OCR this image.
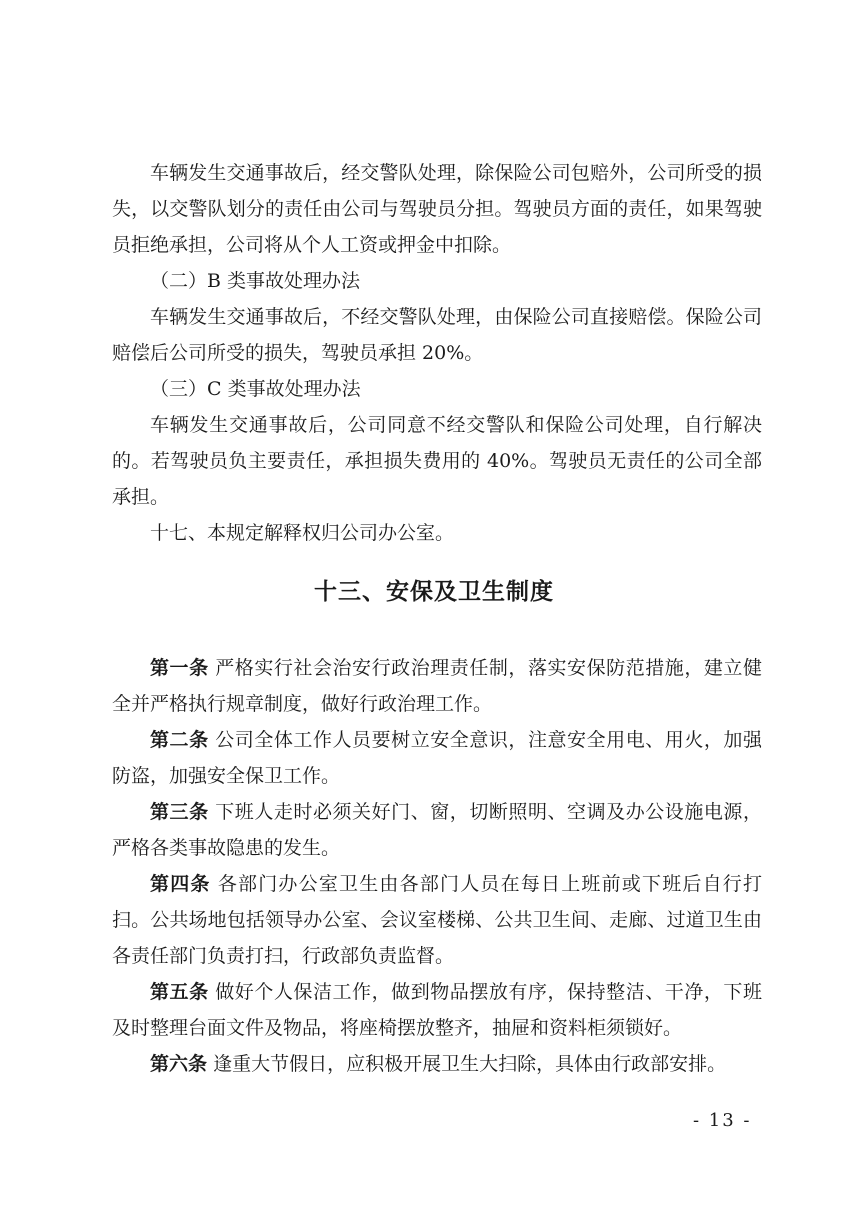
车辆发生交通事故后，经交警队处理，除保险公司包赔外，公司所受的损失，以交警队划分的责任由公司与驾驶员分担。驾驶员方面的责任，如果驾驶员拒绝承担，公司将从个人工资或押金中扣除。

（二）B 类事故处理办法

车辆发生交通事故后，不经交警队处理，由保险公司直接赔偿。保险公司赔偿后公司所受的损失，驾驶员承担 20%。

（三）C 类事故处理办法

车辆发生交通事故后，公司同意不经交警队和保险公司处理，自行解决的。若驾驶员负主要责任，承担损失费用的 40%。驾驶员无责任的公司全部承担。

十七、本规定解释权归公司办公室。

十三、安保及卫生制度

第一条 严格实行社会治安行政治理责任制，落实安保防范措施，建立健全并严格执行规章制度，做好行政治理工作。

第二条 公司全体工作人员要树立安全意识，注意安全用电、用火，加强防盗，加强安全保卫工作。

第三条 下班人走时必须关好门、窗，切断照明、空调及办公设施电源，严格各类事故隐患的发生。

第四条 各部门办公室卫生由各部门人员在每日上班前或下班后自行打扫。公共场地包括领导办公室、会议室楼梯、公共卫生间、走廊、过道卫生由各责任部门负责打扫，行政部负责监督。

第五条 做好个人保洁工作，做到物品摆放有序，保持整洁、干净，下班及时整理台面文件及物品，将座椅摆放整齐，抽屉和资料柜须锁好。

第六条 逢重大节假日，应积极开展卫生大扫除，具体由行政部安排。

- 13 -
